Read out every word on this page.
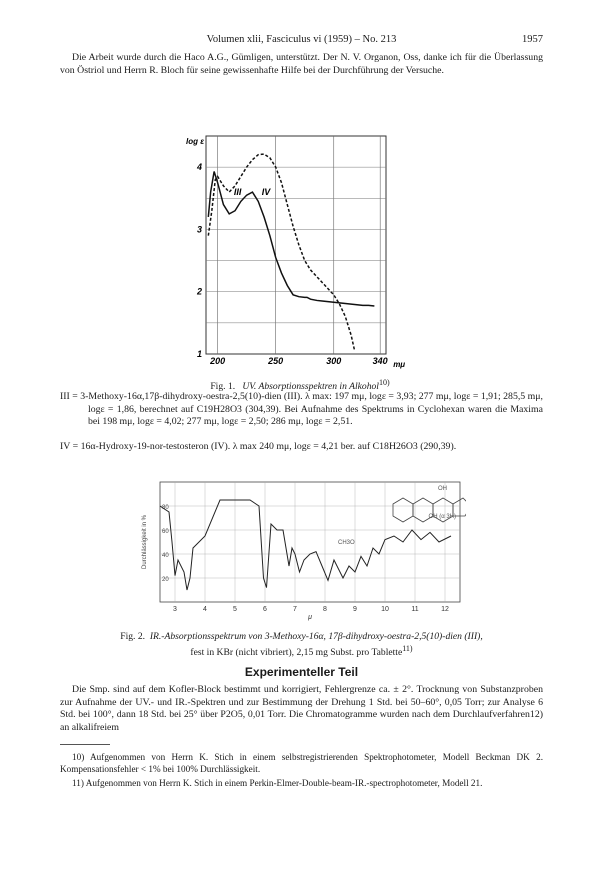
Volumen xlii, Fasciculus vi (1959) – No. 213	1957
Die Arbeit wurde durch die Haco A.G., Gümligen, unterstützt. Der N. V. Organon, Oss, danke ich für die Überlassung von Östriol und Herrn R. Bloch für seine gewissenhafte Hilfe bei der Durchführung der Versuche.
4
3
2
1
200	250	300	340
log ε
mμ
III IV
Fig. 1. UV. Absorptionsspektren in Alkohol$^{10)}$
III = 3-Methoxy-16α,17β-dihydroxy-oestra-2,5(10)-dien (III). λ max: 197 mμ, logε = 3,93; 277 mμ, logε = 1,91; 285,5 mμ, logε = 1,86, berechnet auf C19H28O3 (304,39). Bei Aufnahme des Spektrums in Cyclohexan waren die Maxima bei 198 mμ, logε = 4,02; 277 mμ, logε = 2,50; 286 mμ, logε = 2,51.
IV = 16α-Hydroxy-19-nor-testosteron (IV). λ max 240 mμ, logε = 4,21 ber. auf C18H26O3 (290,39).
3	4	5	6	7	8	9	10	11	12
80
60
40
20
μ
Durchlässigkeit in %
OH
OH (α 3H)
CH3O
Fig. 2. IR.-Absorptionsspektrum von 3-Methoxy-16α, 17β-dihydroxy-oestra-2,5(10)-dien (III),
fest in KBr (nicht vibriert), 2,15 mg Subst. pro Tablette$^{11)}$
Experimenteller Teil
Die Smp. sind auf dem Kofler-Block bestimmt und korrigiert, Fehlergrenze ca. ± 2°. Trocknung von Substanzproben zur Aufnahme der UV.- und IR.-Spektren und zur Bestimmung der Drehung 1 Std. bei 50–60°, 0,05 Torr; zur Analyse 6 Std. bei 100°, dann 18 Std. bei 25° über P2O5, 0,01 Torr. Die Chromatogramme wurden nach dem Durchlaufverfahren12) an alkalifreiem
10) Aufgenommen von Herrn K. Stich in einem selbstregistrierenden Spektrophotometer, Modell Beckman DK 2. Kompensationsfehler < 1% bei 100% Durchlässigkeit.
11) Aufgenommen von Herrn K. Stich in einem Perkin-Elmer-Double-beam-IR.-spectrophotometer, Modell 21.
